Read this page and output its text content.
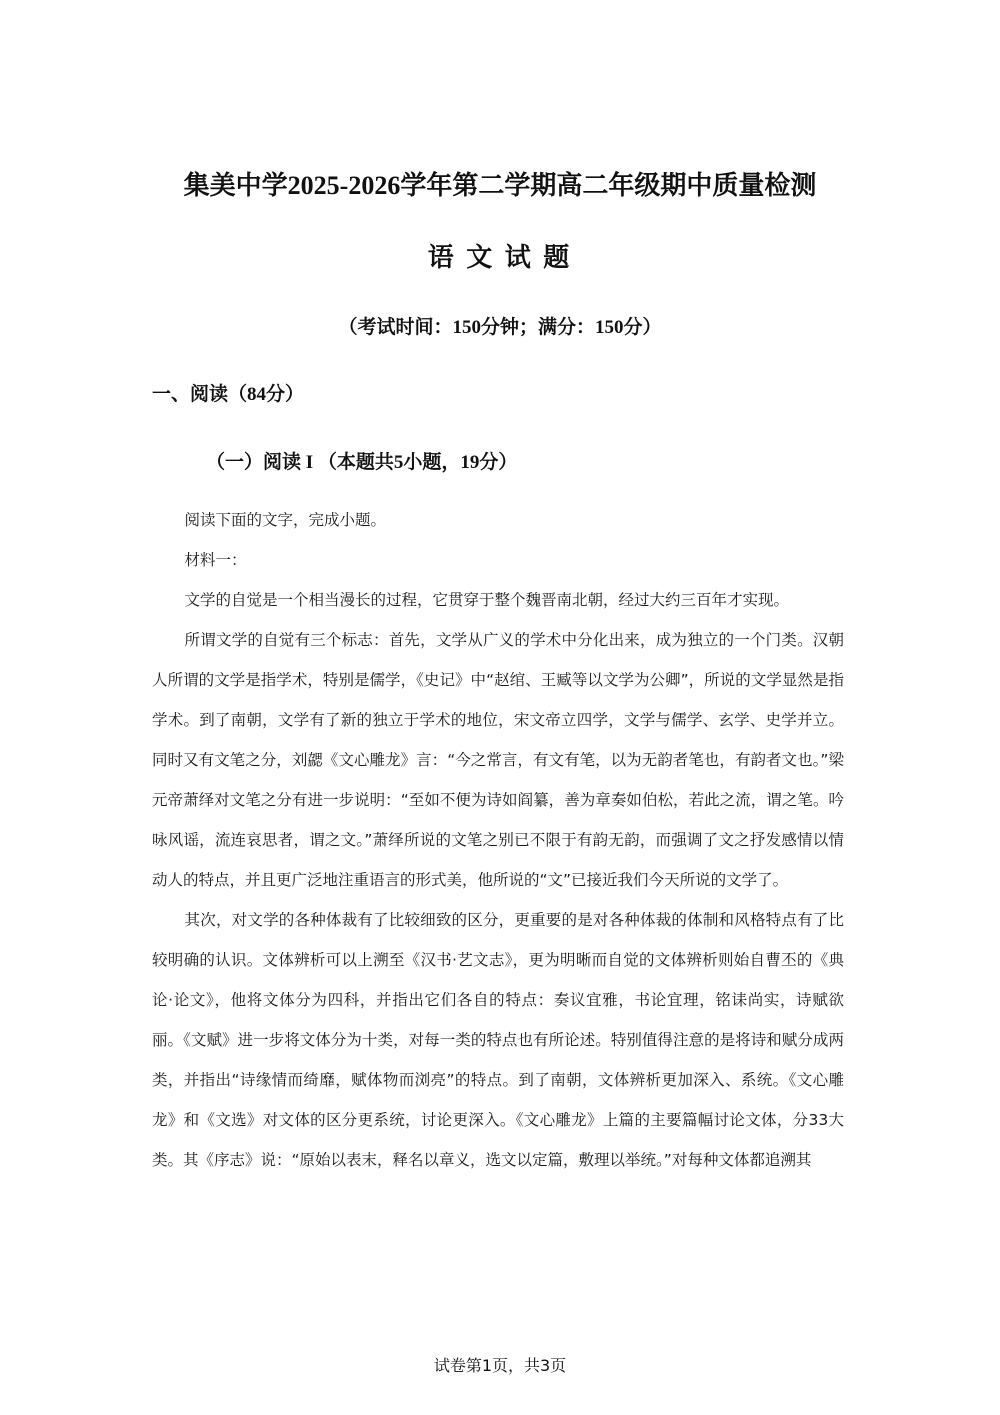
集美中学2025-2026学年第二学期高二年级期中质量检测
语 文 试 题
（考试时间：150分钟；满分：150分）
一、阅读（84分）
（一）阅读 I （本题共5小题，19分）

阅读下面的文字，完成小题。

材料一：

文学的自觉是一个相当漫长的过程，它贯穿于整个魏晋南北朝，经过大约三百年才实现。

所谓文学的自觉有三个标志：首先，文学从广义的学术中分化出来，成为独立的一个门类。汉朝人所谓的文学是指学术，特别是儒学，《史记》中“赵绾、王臧等以文学为公卿”，所说的文学显然是指学术。到了南朝，文学有了新的独立于学术的地位，宋文帝立四学，文学与儒学、玄学、史学并立。同时又有文笔之分，刘勰《文心雕龙》言：“今之常言，有文有笔，以为无韵者笔也，有韵者文也。”梁元帝萧绎对文笔之分有进一步说明：“至如不便为诗如阎纂，善为章奏如伯松，若此之流，谓之笔。吟咏风谣，流连哀思者，谓之文。”萧绎所说的文笔之别已不限于有韵无韵，而强调了文之抒发感情以情动人的特点，并且更广泛地注重语言的形式美，他所说的“文”已接近我们今天所说的文学了。

其次，对文学的各种体裁有了比较细致的区分，更重要的是对各种体裁的体制和风格特点有了比较明确的认识。文体辨析可以上溯至《汉书·艺文志》，更为明晰而自觉的文体辨析则始自曹丕的《典论·论文》，他将文体分为四科，并指出它们各自的特点：奏议宜雅，书论宜理，铭诔尚实，诗赋欲丽。《文赋》进一步将文体分为十类，对每一类的特点也有所论述。特别值得注意的是将诗和赋分成两类，并指出“诗缘情而绮靡，赋体物而浏亮”的特点。到了南朝，文体辨析更加深入、系统。《文心雕龙》和《文选》对文体的区分更系统，讨论更深入。《文心雕龙》上篇的主要篇幅讨论文体，分33大类。其《序志》说：“原始以表末，释名以章义，选文以定篇，敷理以举统。”对每种文体都追溯其

试卷第1页，共3页
